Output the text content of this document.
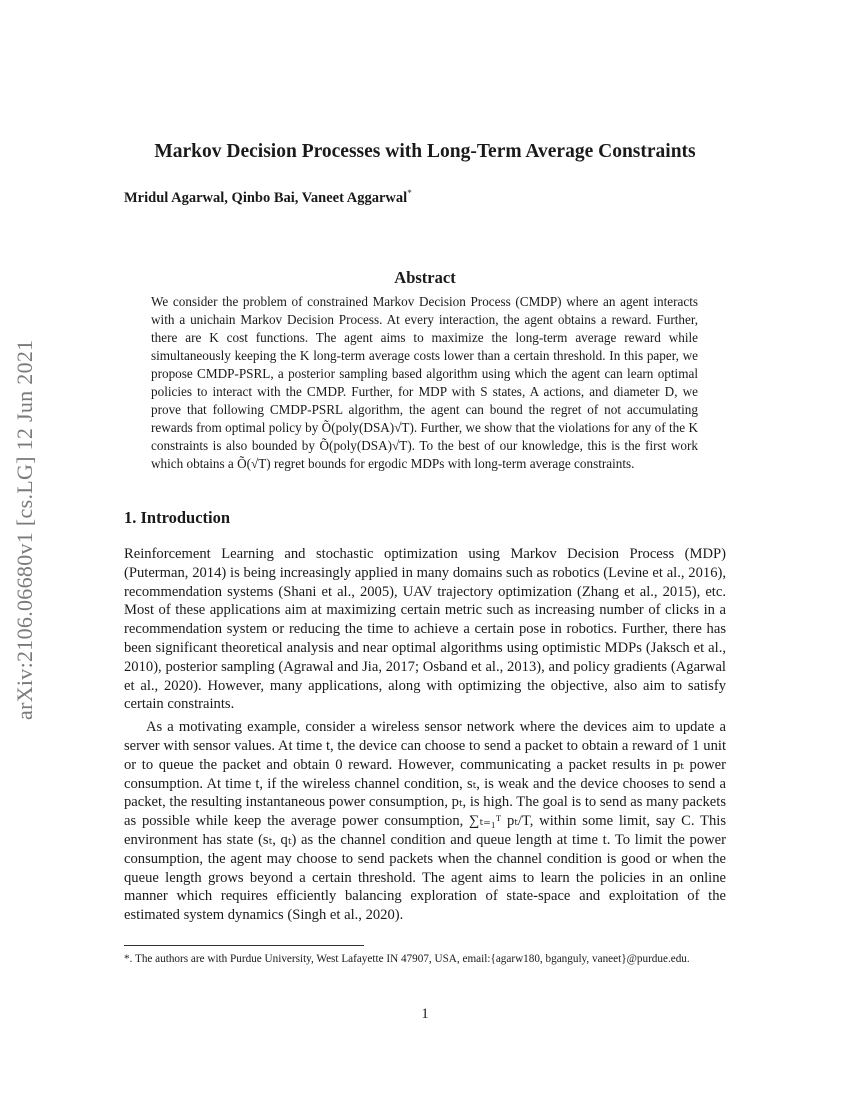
arXiv:2106.06680v1 [cs.LG] 12 Jun 2021
Markov Decision Processes with Long-Term Average Constraints
Mridul Agarwal, Qinbo Bai, Vaneet Aggarwal*
Abstract
We consider the problem of constrained Markov Decision Process (CMDP) where an agent interacts with a unichain Markov Decision Process. At every interaction, the agent obtains a reward. Further, there are K cost functions. The agent aims to maximize the long-term average reward while simultaneously keeping the K long-term average costs lower than a certain threshold. In this paper, we propose CMDP-PSRL, a posterior sampling based algorithm using which the agent can learn optimal policies to interact with the CMDP. Further, for MDP with S states, A actions, and diameter D, we prove that following CMDP-PSRL algorithm, the agent can bound the regret of not accumulating rewards from optimal policy by Õ(poly(DSA)√T). Further, we show that the violations for any of the K constraints is also bounded by Õ(poly(DSA)√T). To the best of our knowledge, this is the first work which obtains a Õ(√T) regret bounds for ergodic MDPs with long-term average constraints.
1. Introduction

Reinforcement Learning and stochastic optimization using Markov Decision Process (MDP) (Puterman, 2014) is being increasingly applied in many domains such as robotics (Levine et al., 2016), recommendation systems (Shani et al., 2005), UAV trajectory optimization (Zhang et al., 2015), etc. Most of these applications aim at maximizing certain metric such as increasing number of clicks in a recommendation system or reducing the time to achieve a certain pose in robotics. Further, there has been significant theoretical analysis and near optimal algorithms using optimistic MDPs (Jaksch et al., 2010), posterior sampling (Agrawal and Jia, 2017; Osband et al., 2013), and policy gradients (Agarwal et al., 2020). However, many applications, along with optimizing the objective, also aim to satisfy certain constraints.

As a motivating example, consider a wireless sensor network where the devices aim to update a server with sensor values. At time t, the device can choose to send a packet to obtain a reward of 1 unit or to queue the packet and obtain 0 reward. However, communicating a packet results in pₜ power consumption. At time t, if the wireless channel condition, sₜ, is weak and the device chooses to send a packet, the resulting instantaneous power consumption, pₜ, is high. The goal is to send as many packets as possible while keep the average power consumption, ∑ₜ₌₁ᵀ pₜ/T, within some limit, say C. This environment has state (sₜ, qₜ) as the channel condition and queue length at time t. To limit the power consumption, the agent may choose to send packets when the channel condition is good or when the queue length grows beyond a certain threshold. The agent aims to learn the policies in an online manner which requires efficiently balancing exploration of state-space and exploitation of the estimated system dynamics (Singh et al., 2020).

*. The authors are with Purdue University, West Lafayette IN 47907, USA, email:{agarw180, bganguly, vaneet}@purdue.edu.
1
